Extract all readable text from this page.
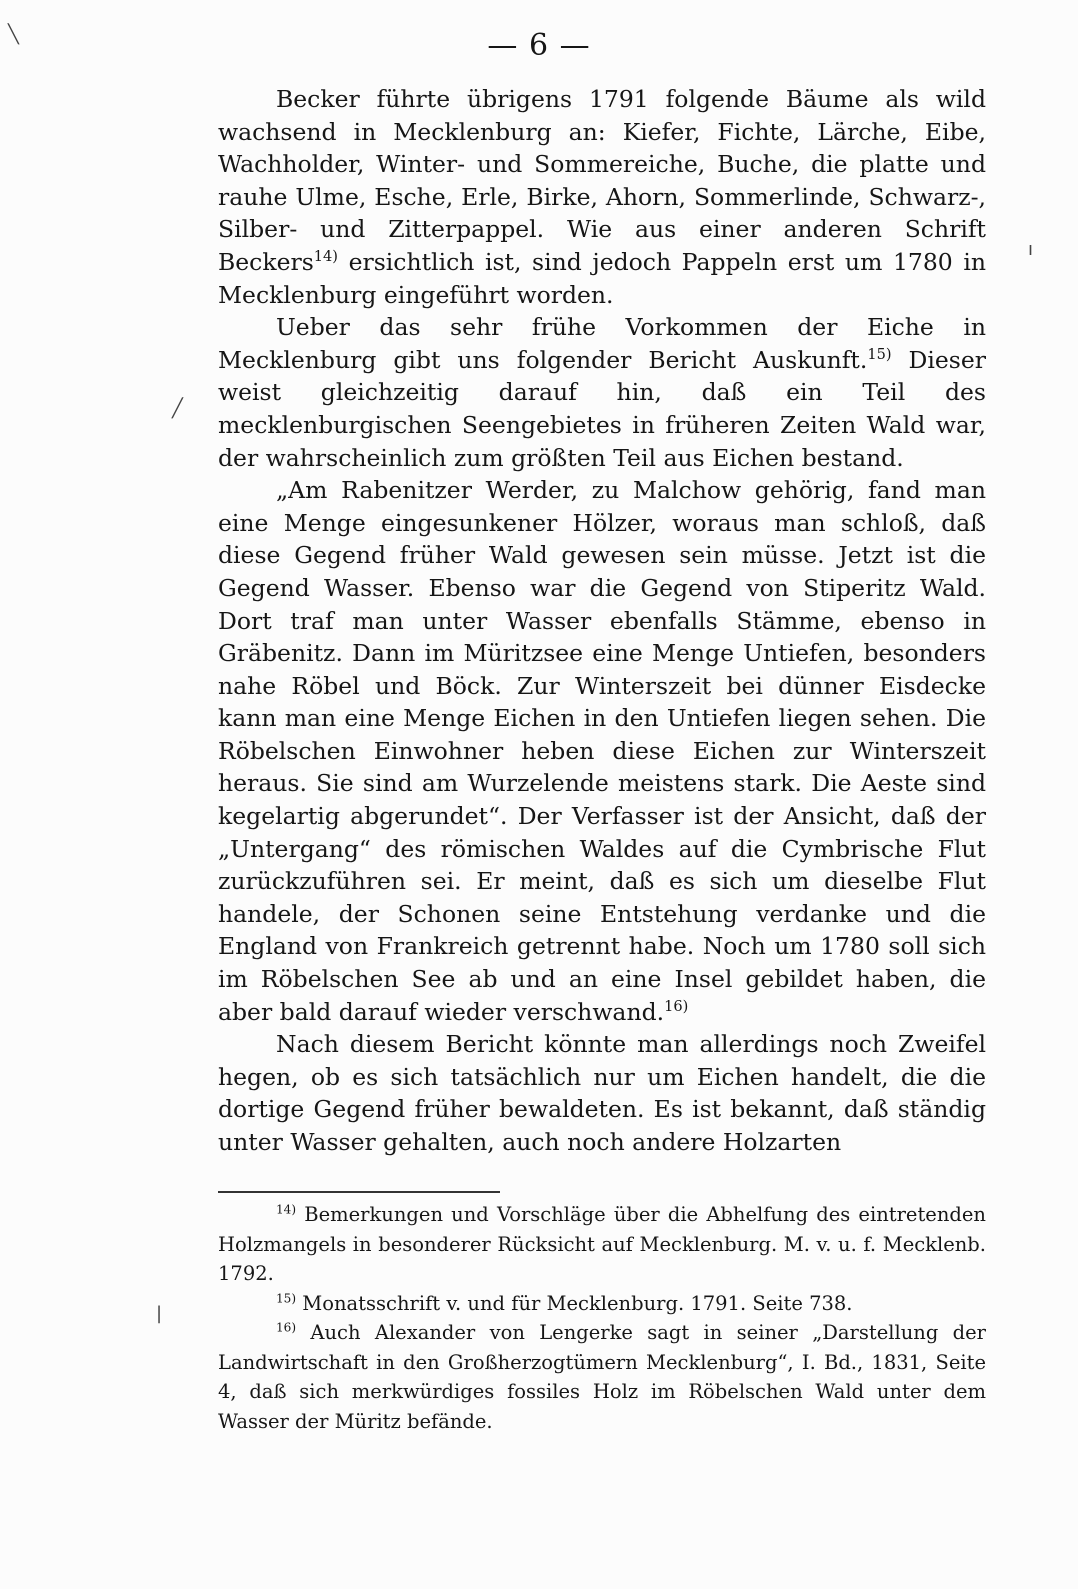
— 6 —

Becker führte übrigens 1791 folgende Bäume als wild wachsend in Mecklenburg an: Kiefer, Fichte, Lärche, Eibe, Wachholder, Winter- und Sommereiche, Buche, die platte und rauhe Ulme, Esche, Erle, Birke, Ahorn, Sommerlinde, Schwarz-, Silber- und Zitterpappel. Wie aus einer anderen Schrift Beckers$^{14)}$ ersichtlich ist, sind jedoch Pappeln erst um 1780 in Mecklenburg eingeführt worden.

Ueber das sehr frühe Vorkommen der Eiche in Mecklenburg gibt uns folgender Bericht Auskunft.$^{15)}$ Dieser weist gleichzeitig darauf hin, daß ein Teil des mecklenburgischen Seengebietes in früheren Zeiten Wald war, der wahrscheinlich zum größten Teil aus Eichen bestand.

„Am Rabenitzer Werder, zu Malchow gehörig, fand man eine Menge eingesunkener Hölzer, woraus man schloß, daß diese Gegend früher Wald gewesen sein müsse. Jetzt ist die Gegend Wasser. Ebenso war die Gegend von Stiperitz Wald. Dort traf man unter Wasser ebenfalls Stämme, ebenso in Gräbenitz. Dann im Müritzsee eine Menge Untiefen, besonders nahe Röbel und Böck. Zur Winterszeit bei dünner Eisdecke kann man eine Menge Eichen in den Untiefen liegen sehen. Die Röbelschen Einwohner heben diese Eichen zur Winterszeit heraus. Sie sind am Wurzelende meistens stark. Die Aeste sind kegelartig abgerundet“. Der Verfasser ist der Ansicht, daß der „Untergang“ des römischen Waldes auf die Cymbrische Flut zurückzuführen sei. Er meint, daß es sich um dieselbe Flut handele, der Schonen seine Entstehung verdanke und die England von Frankreich getrennt habe. Noch um 1780 soll sich im Röbelschen See ab und an eine Insel gebildet haben, die aber bald darauf wieder verschwand.$^{16)}$

Nach diesem Bericht könnte man allerdings noch Zweifel hegen, ob es sich tatsächlich nur um Eichen handelt, die die dortige Gegend früher bewaldeten. Es ist bekannt, daß ständig unter Wasser gehalten, auch noch andere Holzarten

$^{14)}$ Bemerkungen und Vorschläge über die Abhelfung des eintretenden Holzmangels in besonderer Rücksicht auf Mecklenburg. M. v. u. f. Mecklenb. 1792.

$^{15)}$ Monatsschrift v. und für Mecklenburg. 1791. Seite 738.

$^{16)}$ Auch Alexander von Lengerke sagt in seiner „Darstellung der Landwirtschaft in den Großherzogtümern Mecklenburg“, I. Bd., 1831, Seite 4, daß sich merkwürdiges fossiles Holz im Röbelschen Wald unter dem Wasser der Müritz befände.

╲
╱
ı
|
